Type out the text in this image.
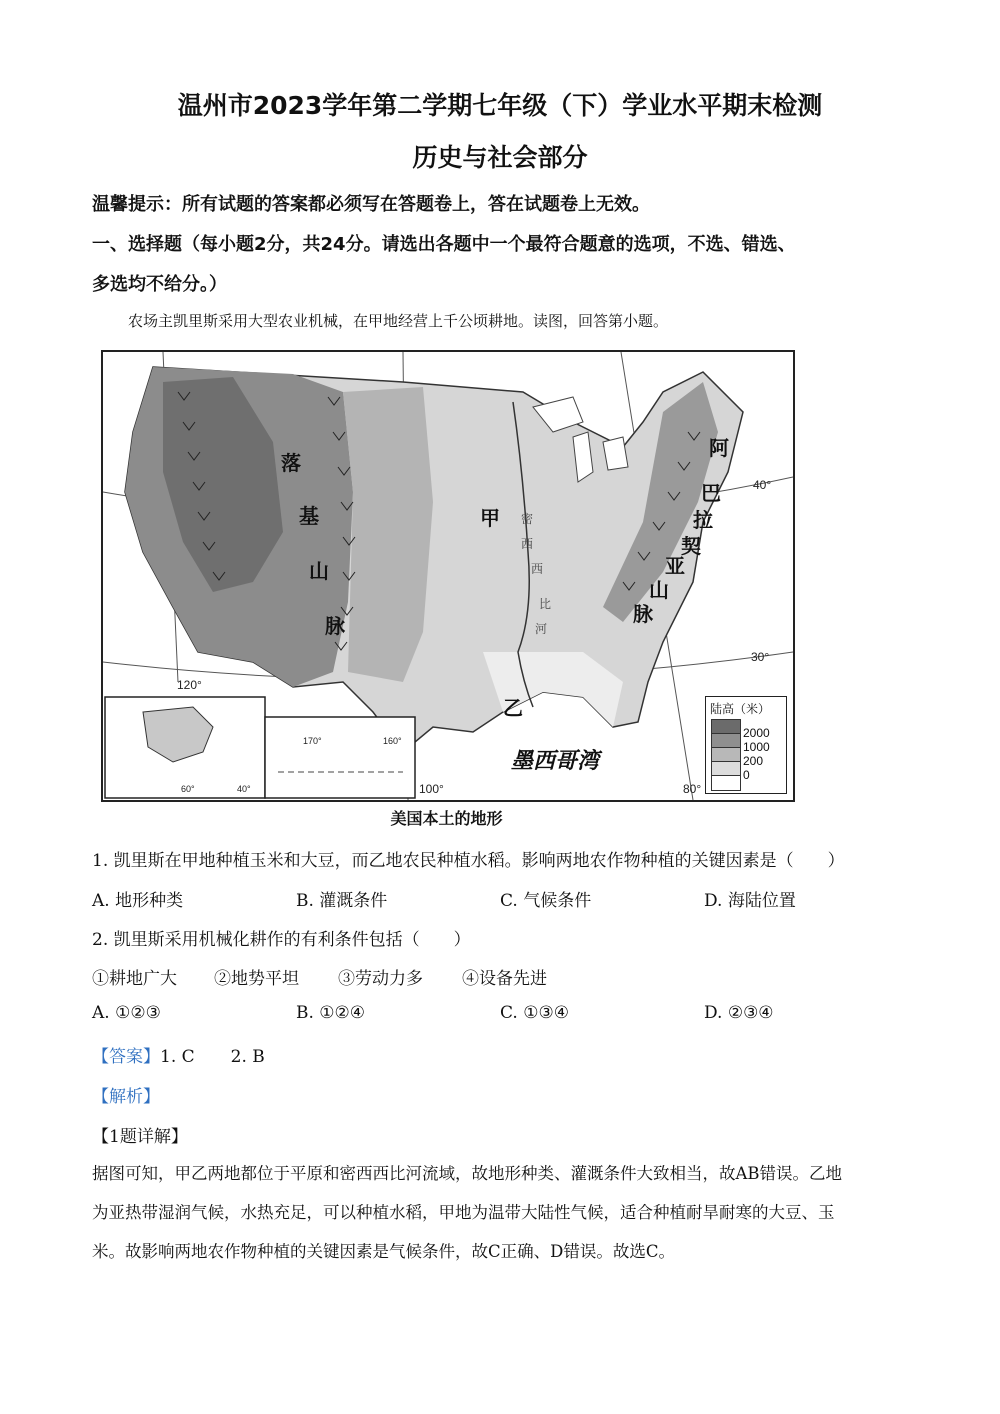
温州市2023学年第二学期七年级（下）学业水平期末检测
历史与社会部分
温馨提示：所有试题的答案都必须写在答题卷上，答在试题卷上无效。
一、选择题（每小题2分，共24分。请选出各题中一个最符合题意的选项，不选、错选、
多选均不给分。）
农场主凯里斯采用大型农业机械，在甲地经营上千公顷耕地。读图，回答第小题。
落
基
山
脉
阿
巴
拉
契
亚
山
脉
甲
乙
密
西
西
比
河
墨西哥湾
40°
30°
120°
100°	80°
170°	160°
60°	40°
陆高（米）
2000
1000
200
0
美国本土的地形
1. 凯里斯在甲地种植玉米和大豆，而乙地农民种植水稻。影响两地农作物种植的关键因素是（　　）
A. 地形种类	B. 灌溉条件	C. 气候条件	D. 海陆位置
2. 凯里斯采用机械化耕作的有利条件包括（　　）
①耕地广大 ②地势平坦 ③劳动力多 ④设备先进
A. ①②③	B. ①②④	C. ①③④	D. ②③④
【答案】1. C 2. B
【解析】
【1题详解】
据图可知，甲乙两地都位于平原和密西西比河流域，故地形种类、灌溉条件大致相当，故AB错误。乙地
为亚热带湿润气候，水热充足，可以种植水稻，甲地为温带大陆性气候，适合种植耐旱耐寒的大豆、玉
米。故影响两地农作物种植的关键因素是气候条件，故C正确、D错误。故选C。
